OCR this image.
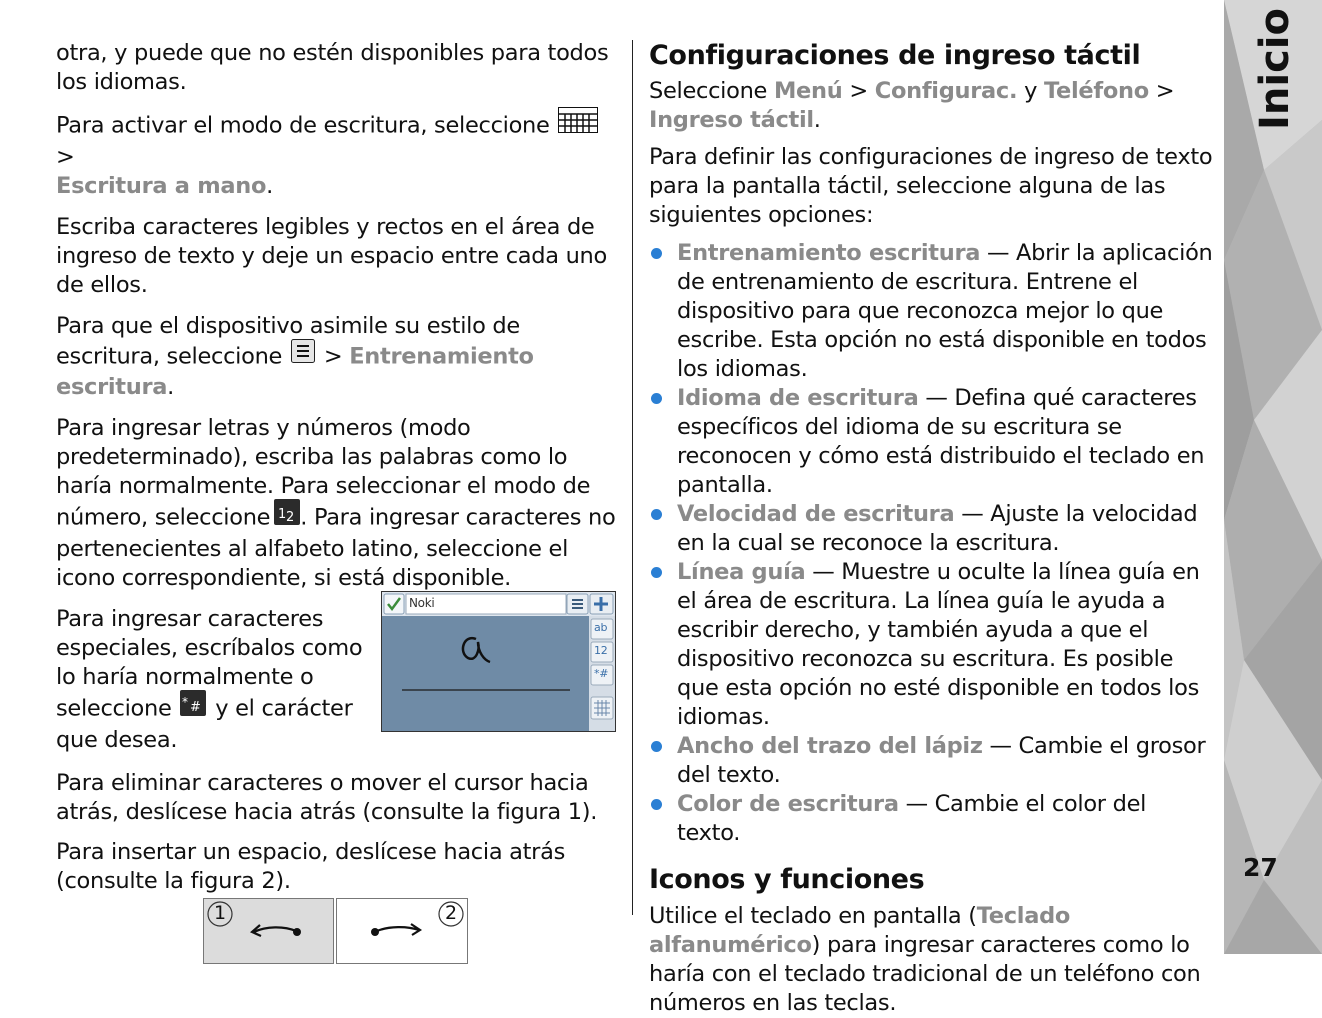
otra, y puede que no estén disponibles para todos los idiomas.

Para activar el modo de escritura, seleccione  >
Escritura a mano.

Escriba caracteres legibles y rectos en el área de ingreso de texto y deje un espacio entre cada uno de ellos.

Para que el dispositivo asimile su estilo de escritura, seleccione > Entrenamiento escritura.

Para ingresar letras y números (modo predeterminado), escriba las palabras como lo haría normalmente. Para seleccionar el modo de número, seleccione 1 2 . Para ingresar caracteres no pertenecientes al alfabeto latino, seleccione el icono correspondiente, si está disponible.

Para ingresar caracteres especiales, escríbalos como lo haría normalmente o seleccione * # y el carácter que desea.

Noki
ab
12
*#

Para eliminar caracteres o mover el cursor hacia atrás, deslícese hacia atrás (consulte la figura 1).

Para insertar un espacio, deslícese hacia atrás (consulte la figura 2).

1	2
Configuraciones de ingreso táctil

Seleccione Menú > Configurac. y Teléfono >
Ingreso táctil.

Para definir las configuraciones de ingreso de texto para la pantalla táctil, seleccione alguna de las siguientes opciones:

Entrenamiento escritura — Abrir la aplicación de entrenamiento de escritura. Entrene el dispositivo para que reconozca mejor lo que escribe. Esta opción no está disponible en todos los idiomas.
Idioma de escritura — Defina qué caracteres específicos del idioma de su escritura se reconocen y cómo está distribuido el teclado en pantalla.
Velocidad de escritura — Ajuste la velocidad en la cual se reconoce la escritura.
Línea guía — Muestre u oculte la línea guía en el área de escritura. La línea guía le ayuda a escribir derecho, y también ayuda a que el dispositivo reconozca su escritura. Es posible que esta opción no esté disponible en todos los idiomas.
Ancho del trazo del lápiz — Cambie el grosor del texto.
Color de escritura — Cambie el color del texto.
Iconos y funciones

Utilice el teclado en pantalla (Teclado alfanumérico) para ingresar caracteres como lo haría con el teclado tradicional de un teléfono con números en las teclas.

Inicio
27
